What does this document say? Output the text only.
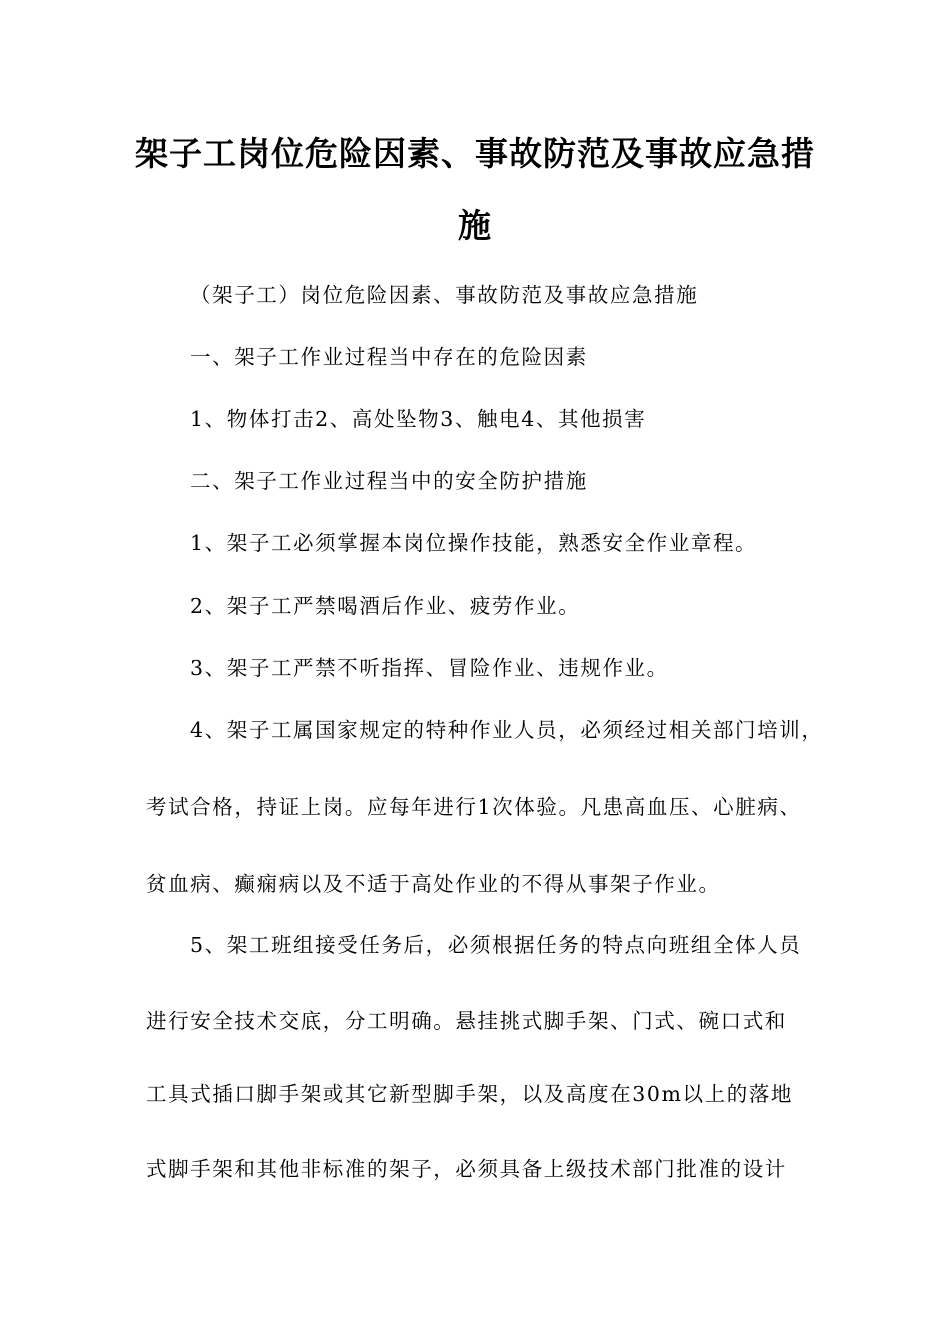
架子工岗位危险因素、事故防范及事故应急措
施
（架子工）岗位危险因素、事故防范及事故应急措施
一、架子工作业过程当中存在的危险因素
1、物体打击2、高处坠物3、触电4、其他损害
二、架子工作业过程当中的安全防护措施
1、架子工必须掌握本岗位操作技能，熟悉安全作业章程。
2、架子工严禁喝酒后作业、疲劳作业。
3、架子工严禁不听指挥、冒险作业、违规作业。
4、架子工属国家规定的特种作业人员，必须经过相关部门培训，
考试合格，持证上岗。应每年进行1次体验。凡患高血压、心脏病、
贫血病、癫痫病以及不适于高处作业的不得从事架子作业。
5、架工班组接受任务后，必须根据任务的特点向班组全体人员
进行安全技术交底，分工明确。悬挂挑式脚手架、门式、碗口式和
工具式插口脚手架或其它新型脚手架，以及高度在30m以上的落地
式脚手架和其他非标准的架子，必须具备上级技术部门批准的设计
